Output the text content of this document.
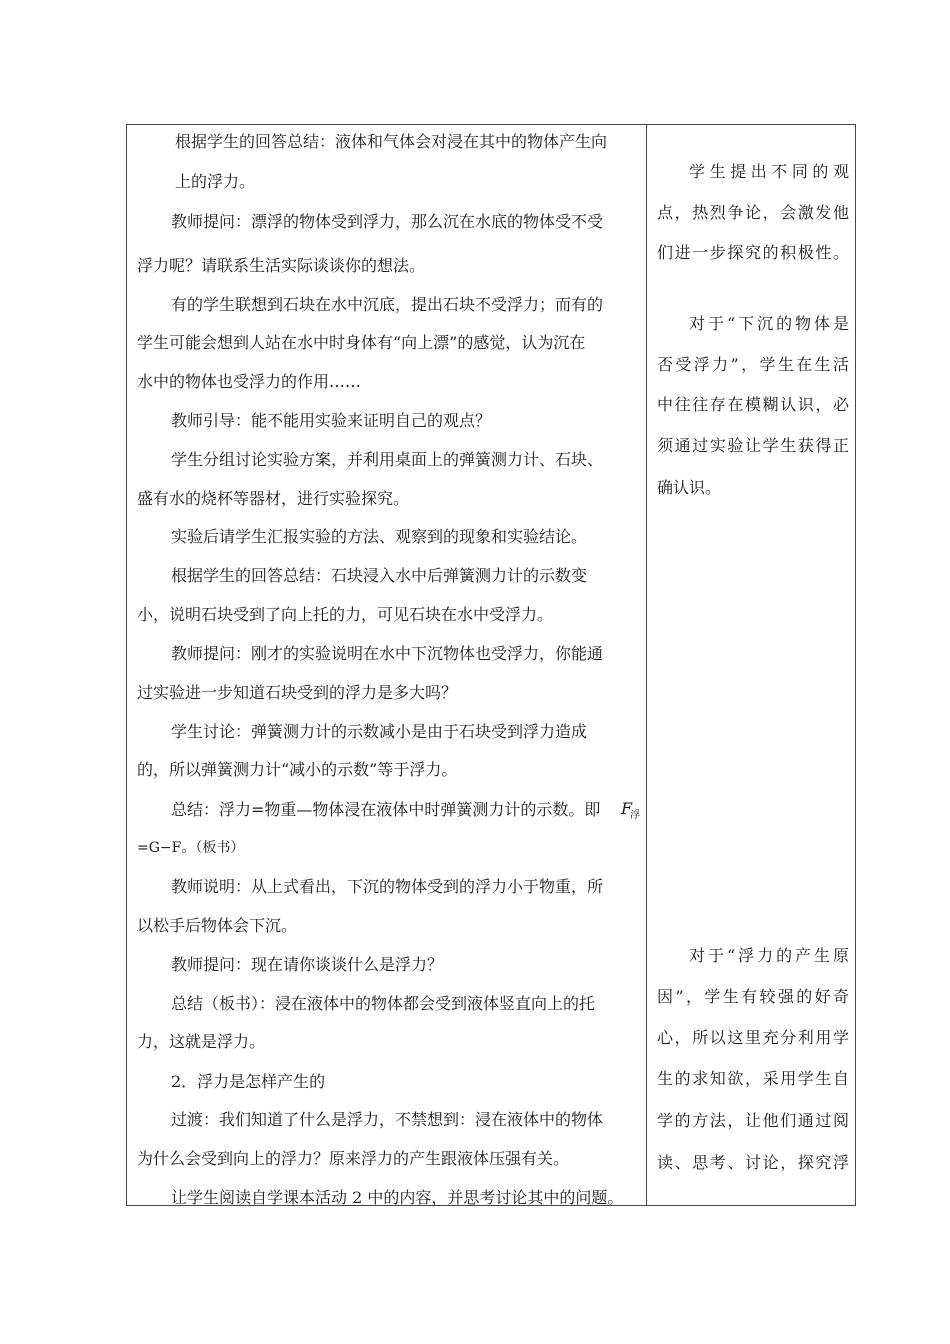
根据学生的回答总结：液体和气体会对浸在其中的物体产生向
上的浮力。
教师提问：漂浮的物体受到浮力，那么沉在水底的物体受不受
浮力呢？请联系生活实际谈谈你的想法。
有的学生联想到石块在水中沉底，提出石块不受浮力；而有的
学生可能会想到人站在水中时身体有“向上漂”的感觉，认为沉在
水中的物体也受浮力的作用……
教师引导：能不能用实验来证明自己的观点？
学生分组讨论实验方案，并利用桌面上的弹簧测力计、石块、
盛有水的烧杯等器材，进行实验探究。
实验后请学生汇报实验的方法、观察到的现象和实验结论。
根据学生的回答总结：石块浸入水中后弹簧测力计的示数变
小，说明石块受到了向上托的力，可见石块在水中受浮力。
教师提问：刚才的实验说明在水中下沉物体也受浮力，你能通
过实验进一步知道石块受到的浮力是多大吗？
学生讨论：弹簧测力计的示数减小是由于石块受到浮力造成
的，所以弹簧测力计“减小的示数”等于浮力。
总结：浮力=物重—物体浸在液体中时弹簧测力计的示数。即	F
浮
=G−F。（板书）
教师说明：从上式看出，下沉的物体受到的浮力小于物重，所
以松手后物体会下沉。
教师提问：现在请你谈谈什么是浮力？
总结（板书）：浸在液体中的物体都会受到液体竖直向上的托
力，这就是浮力。
2．浮力是怎样产生的
过渡：我们知道了什么是浮力，不禁想到：浸在液体中的物体
为什么会受到向上的浮力？原来浮力的产生跟液体压强有关。
让学生阅读自学课本活动 2 中的内容，并思考讨论其中的问题。
学生提出不同的观
点，热烈争论，会激发他
们进一步探究的积极性。
对于“下沉的物体是
否受浮力”，学生在生活
中往往存在模糊认识，必
须通过实验让学生获得正
确认识。
对于“浮力的产生原
因”，学生有较强的好奇
心，所以这里充分利用学
生的求知欲，采用学生自
学的方法，让他们通过阅
读、思考、讨论，探究浮
